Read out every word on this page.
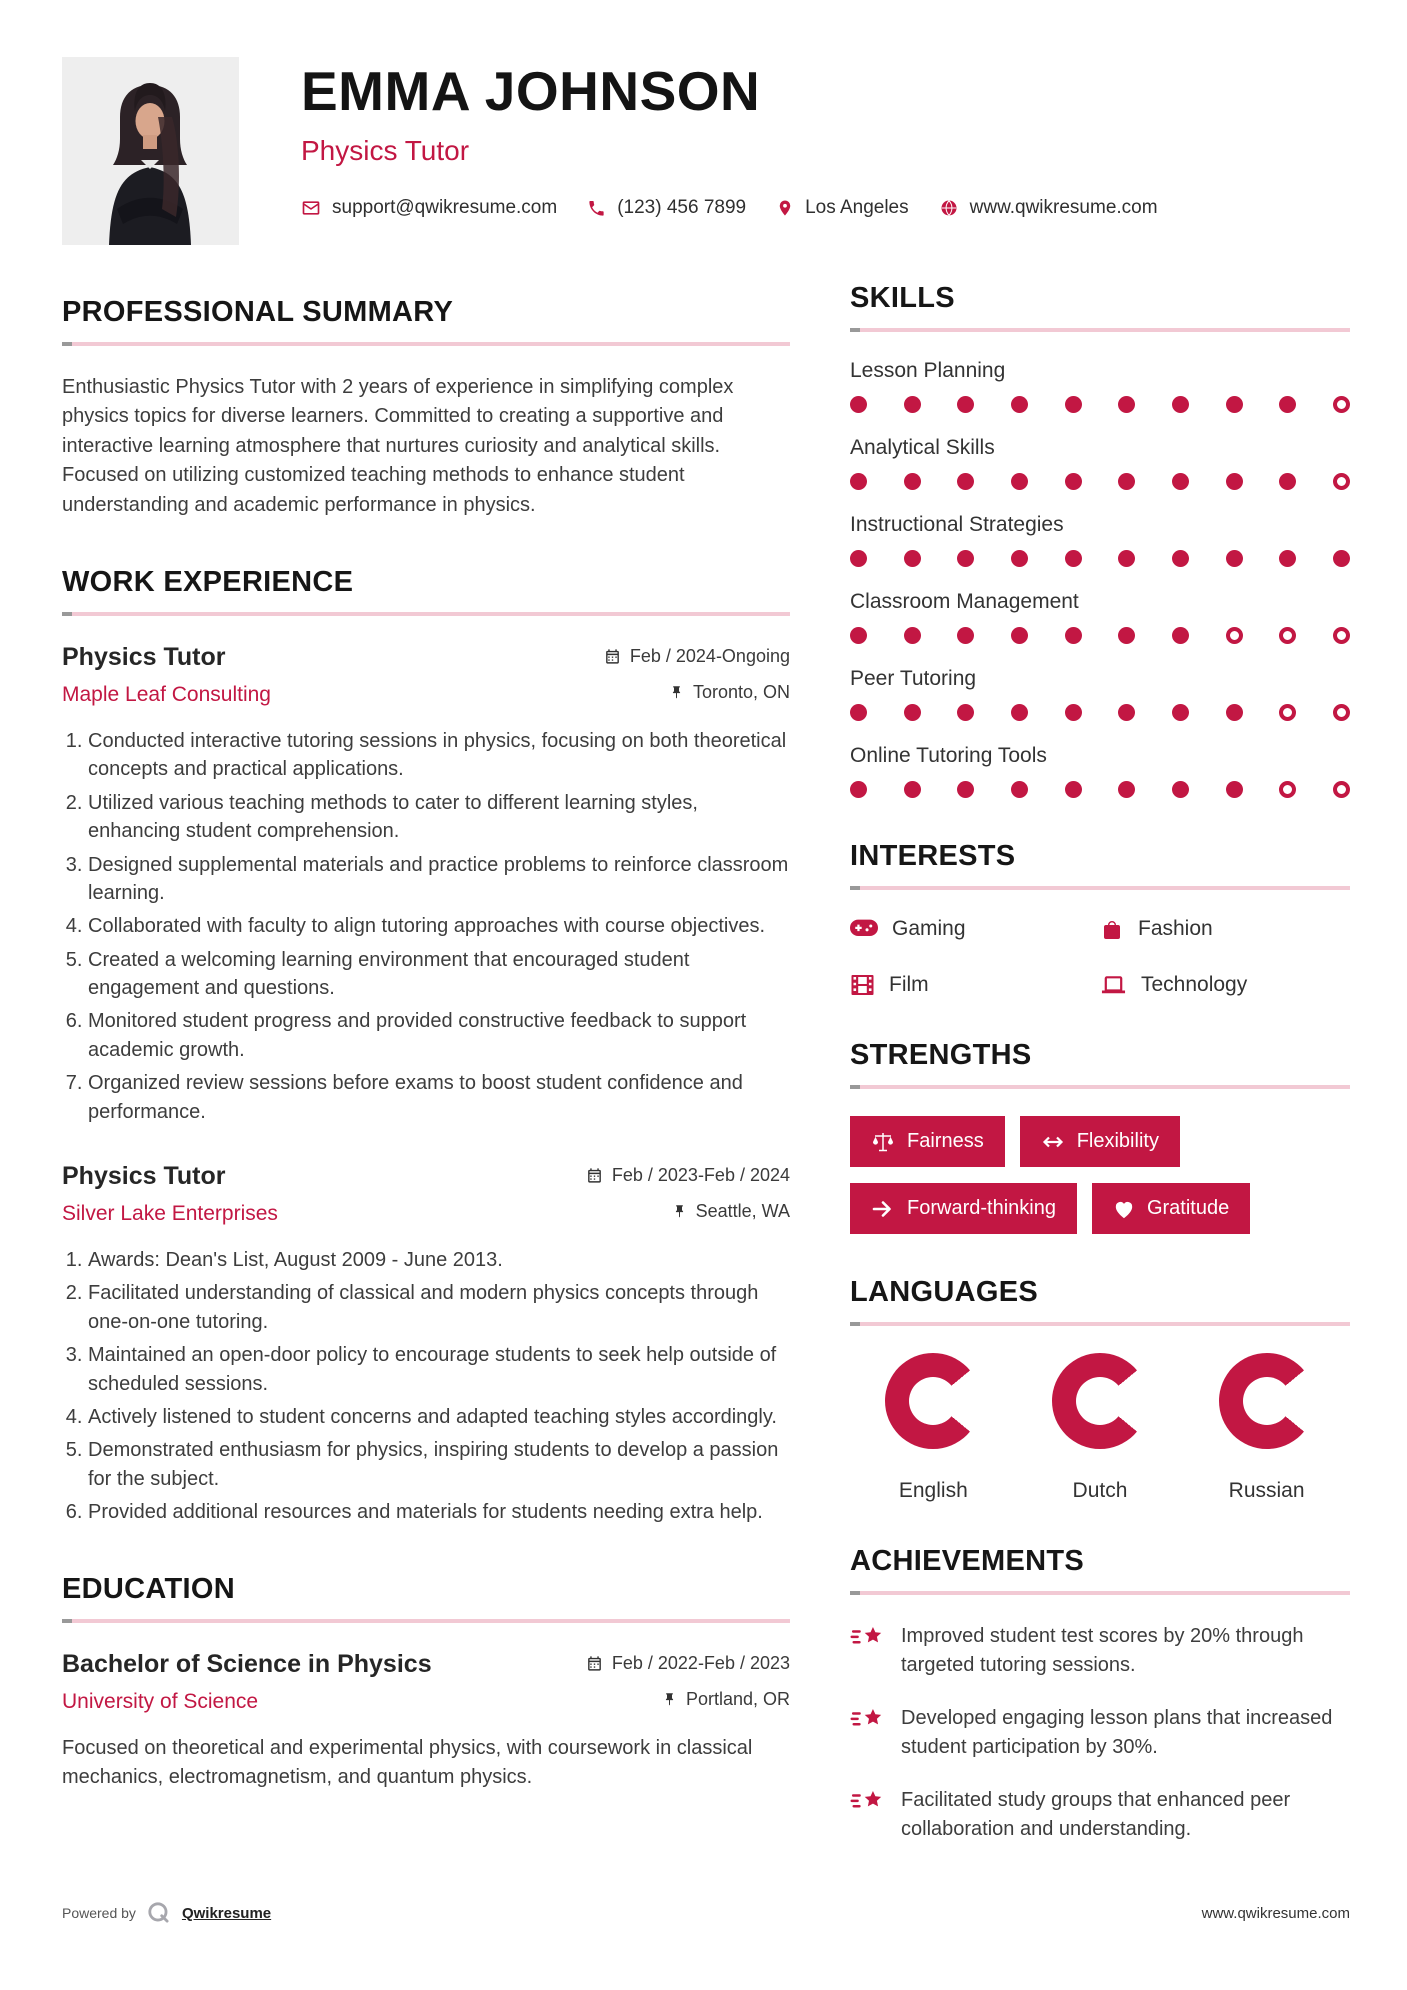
EMMA JOHNSON
Physics Tutor
support@qwikresume.com	(123) 456 7899	Los Angeles	www.qwikresume.com
PROFESSIONAL SUMMARY

Enthusiastic Physics Tutor with 2 years of experience in simplifying complex physics topics for diverse learners. Committed to creating a supportive and interactive learning atmosphere that nurtures curiosity and analytical skills. Focused on utilizing customized teaching methods to enhance student understanding and academic performance in physics.

WORK EXPERIENCE
Physics Tutor	Feb / 2024-Ongoing
Maple Leaf Consulting	Toronto, ON
1. Conducted interactive tutoring sessions in physics, focusing on both theoretical concepts and practical applications.
2. Utilized various teaching methods to cater to different learning styles, enhancing student comprehension.
3. Designed supplemental materials and practice problems to reinforce classroom learning.
4. Collaborated with faculty to align tutoring approaches with course objectives.
5. Created a welcoming learning environment that encouraged student engagement and questions.
6. Monitored student progress and provided constructive feedback to support academic growth.
7. Organized review sessions before exams to boost student confidence and performance.
Physics Tutor	Feb / 2023-Feb / 2024
Silver Lake Enterprises	Seattle, WA
1. Awards: Dean's List, August 2009 - June 2013.
2. Facilitated understanding of classical and modern physics concepts through one-on-one tutoring.
3. Maintained an open-door policy to encourage students to seek help outside of scheduled sessions.
4. Actively listened to student concerns and adapted teaching styles accordingly.
5. Demonstrated enthusiasm for physics, inspiring students to develop a passion for the subject.
6. Provided additional resources and materials for students needing extra help.
EDUCATION
Bachelor of Science in Physics	Feb / 2022-Feb / 2023
University of Science	Portland, OR

Focused on theoretical and experimental physics, with coursework in classical mechanics, electromagnetism, and quantum physics.

SKILLS
Lesson Planning
Analytical Skills
Instructional Strategies
Classroom Management
Peer Tutoring
Online Tutoring Tools
INTERESTS
Gaming	Fashion
Film	Technology
STRENGTHS
Fairness	Flexibility
Forward-thinking	Gratitude
LANGUAGES
English	Dutch	Russian
ACHIEVEMENTS
Improved student test scores by 20% through targeted tutoring sessions.
Developed engaging lesson plans that increased student participation by 30%.
Facilitated study groups that enhanced peer collaboration and understanding.
Powered by	Qwikresume	www.qwikresume.com
